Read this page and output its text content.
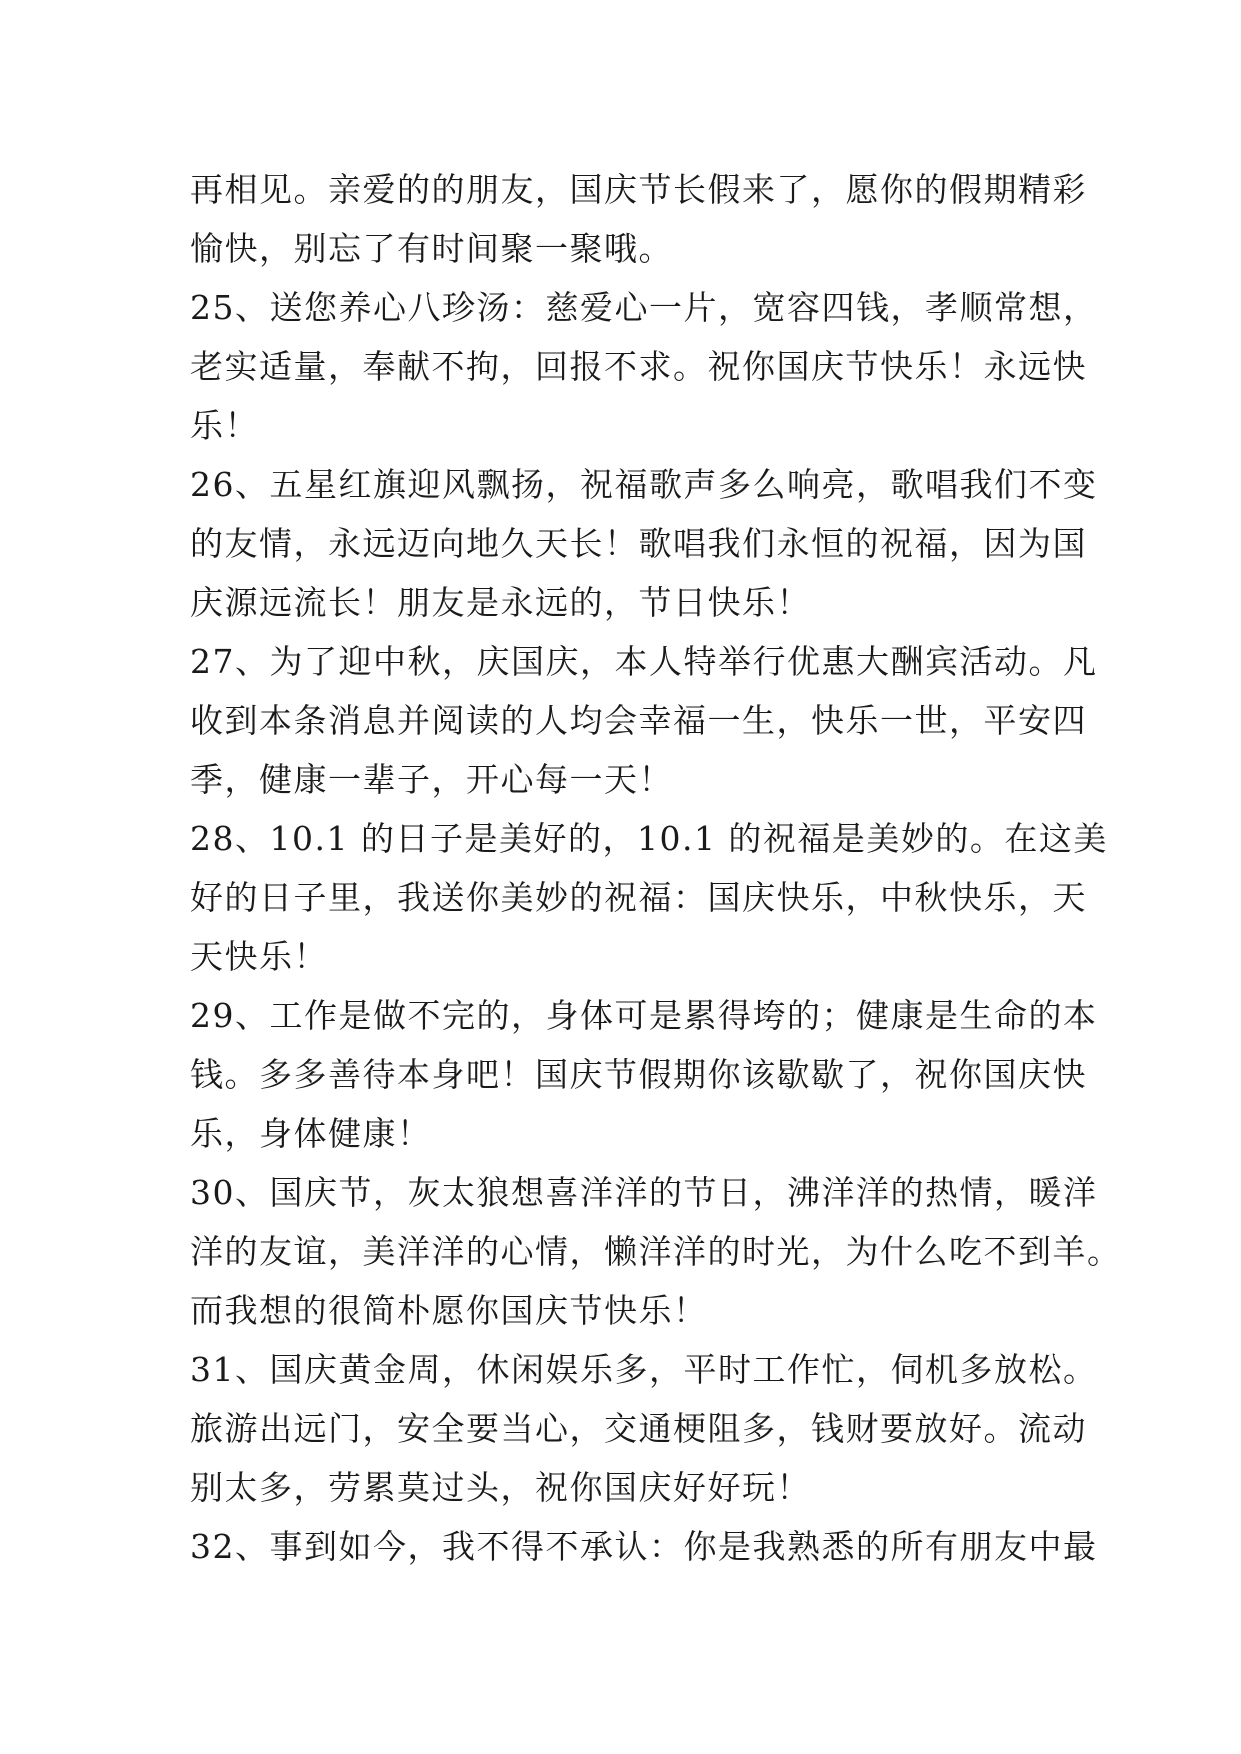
再相见。亲爱的的朋友，国庆节长假来了，愿你的假期精彩
愉快，别忘了有时间聚一聚哦。
25、送您养心八珍汤：慈爱心一片，宽容四钱，孝顺常想，
老实适量，奉献不拘，回报不求。祝你国庆节快乐！永远快
乐！
26、五星红旗迎风飘扬，祝福歌声多么响亮，歌唱我们不变
的友情，永远迈向地久天长！歌唱我们永恒的祝福，因为国
庆源远流长！朋友是永远的，节日快乐！
27、为了迎中秋，庆国庆，本人特举行优惠大酬宾活动。凡
收到本条消息并阅读的人均会幸福一生，快乐一世，平安四
季，健康一辈子，开心每一天！
28、10.1 的日子是美好的，10.1 的祝福是美妙的。在这美
好的日子里，我送你美妙的祝福：国庆快乐，中秋快乐，天
天快乐！
29、工作是做不完的，身体可是累得垮的；健康是生命的本
钱。多多善待本身吧！国庆节假期你该歇歇了，祝你国庆快
乐，身体健康！
30、国庆节，灰太狼想喜洋洋的节日，沸洋洋的热情，暖洋
洋的友谊，美洋洋的心情，懒洋洋的时光，为什么吃不到羊。
而我想的很简朴愿你国庆节快乐！
31、国庆黄金周，休闲娱乐多，平时工作忙，伺机多放松。
旅游出远门，安全要当心，交通梗阻多，钱财要放好。流动
别太多，劳累莫过头，祝你国庆好好玩！
32、事到如今，我不得不承认：你是我熟悉的所有朋友中最
